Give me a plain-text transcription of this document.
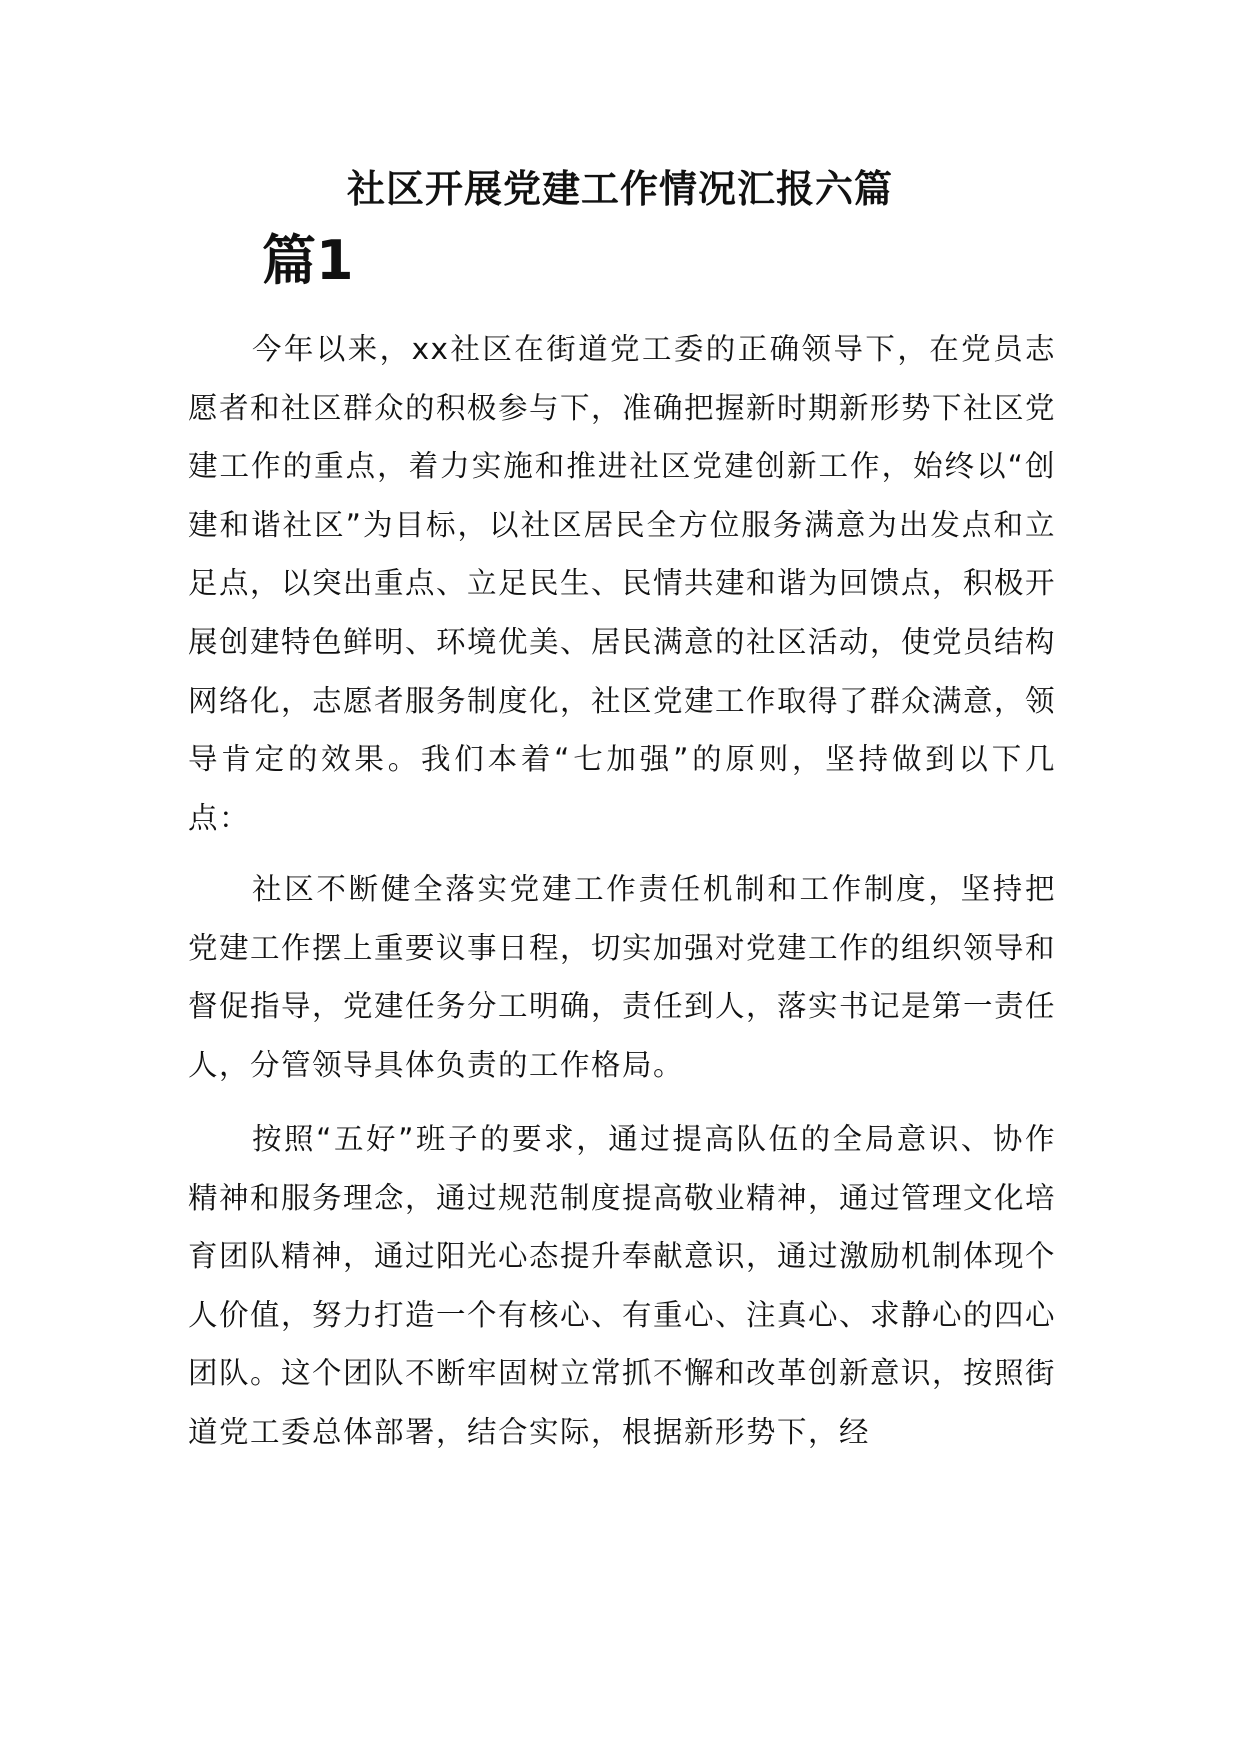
社区开展党建工作情况汇报六篇
篇1

今年以来，xx社区在街道党工委的正确领导下，在党员志愿者和社区群众的积极参与下，准确把握新时期新形势下社区党建工作的重点，着力实施和推进社区党建创新工作，始终以“创建和谐社区”为目标，以社区居民全方位服务满意为出发点和立足点，以突出重点、立足民生、民情共建和谐为回馈点，积极开展创建特色鲜明、环境优美、居民满意的社区活动，使党员结构网络化，志愿者服务制度化，社区党建工作取得了群众满意，领导肯定的效果。我们本着“七加强”的原则，坚持做到以下几点：

社区不断健全落实党建工作责任机制和工作制度，坚持把党建工作摆上重要议事日程，切实加强对党建工作的组织领导和督促指导，党建任务分工明确，责任到人，落实书记是第一责任人，分管领导具体负责的工作格局。

按照“五好”班子的要求，通过提高队伍的全局意识、协作精神和服务理念，通过规范制度提高敬业精神，通过管理文化培育团队精神，通过阳光心态提升奉献意识，通过激励机制体现个人价值，努力打造一个有核心、有重心、注真心、求静心的四心团队。这个团队不断牢固树立常抓不懈和改革创新意识，按照街道党工委总体部署，结合实际，根据新形势下，经
